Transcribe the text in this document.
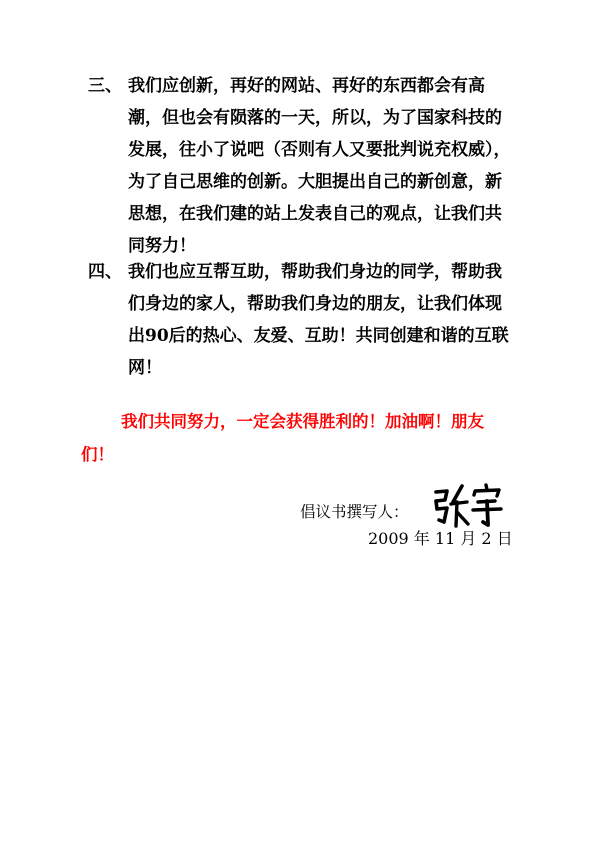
三、 我们应创新，再好的网站、再好的东西都会有高潮，但也会有陨落的一天，所以，为了国家科技的发展，往小了说吧（否则有人又要批判说充权威），为了自己思维的创新。大胆提出自己的新创意，新思想，在我们建的站上发表自己的观点，让我们共同努力！
四、 我们也应互帮互助，帮助我们身边的同学，帮助我们身边的家人，帮助我们身边的朋友，让我们体现出90后的热心、友爱、互助！共同创建和谐的互联网！
我们共同努力，一定会获得胜利的！加油啊！朋友们！
倡议书撰写人：
2009 年 11 月 2 日
